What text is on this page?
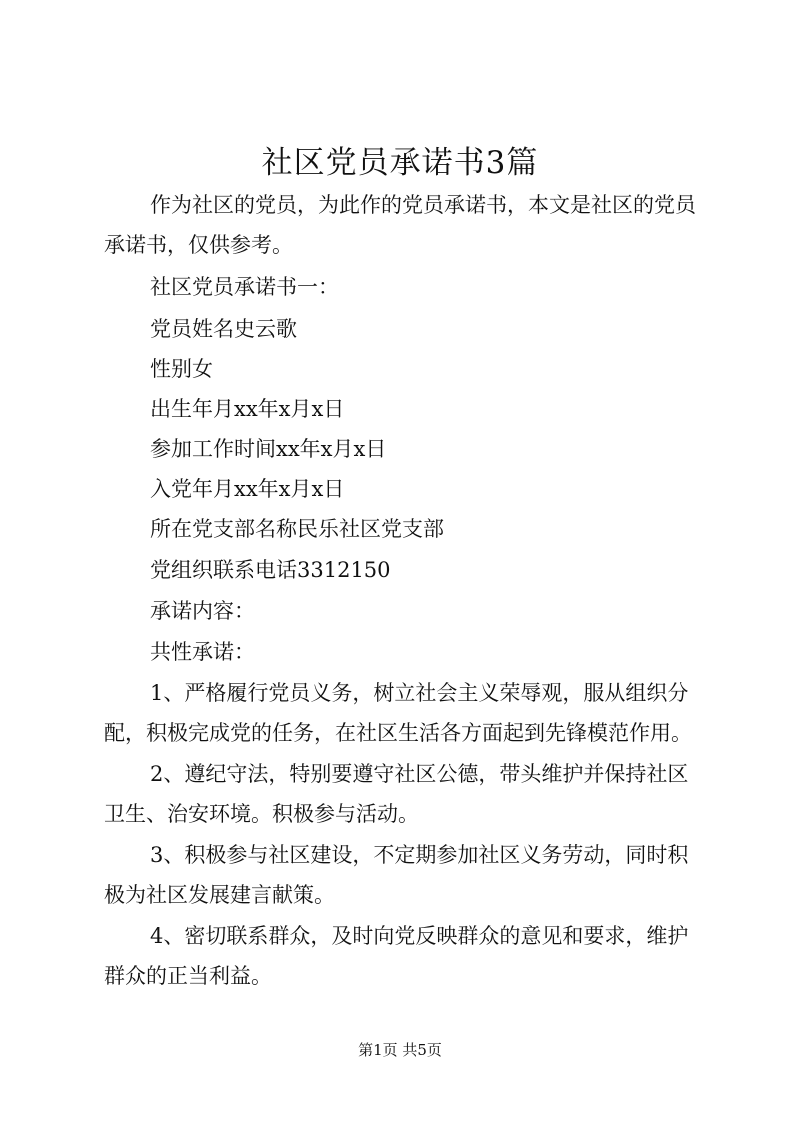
社区党员承诺书3篇
作为社区的党员，为此作的党员承诺书，本文是社区的党员
承诺书，仅供参考。
社区党员承诺书一：
党员姓名史云歌
性别女
出生年月xx年x月x日
参加工作时间xx年x月x日
入党年月xx年x月x日
所在党支部名称民乐社区党支部
党组织联系电话3312150
承诺内容：
共性承诺：
1、严格履行党员义务，树立社会主义荣辱观，服从组织分
配，积极完成党的任务，在社区生活各方面起到先锋模范作用。
2、遵纪守法，特别要遵守社区公德，带头维护并保持社区
卫生、治安环境。积极参与活动。
3、积极参与社区建设，不定期参加社区义务劳动，同时积
极为社区发展建言献策。
4、密切联系群众，及时向党反映群众的意见和要求，维护
群众的正当利益。
第1页 共5页
